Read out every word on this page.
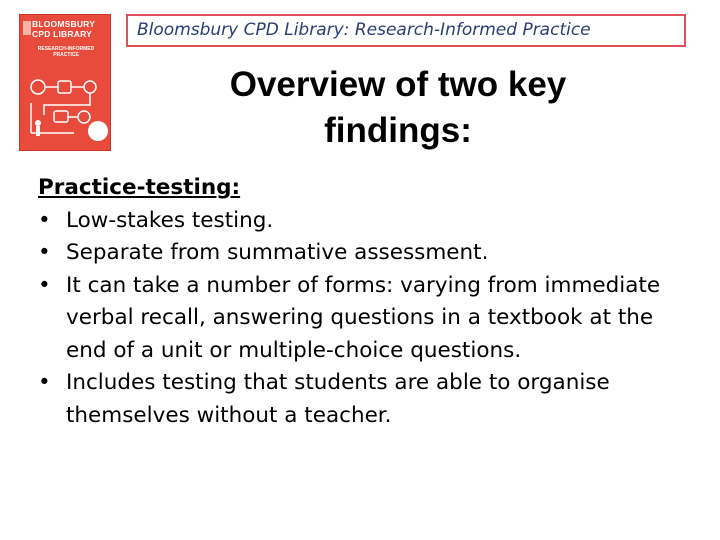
BLOOMSBURY
CPD LIBRARY
RESEARCH-INFORMED PRACTICE
Bloomsbury CPD Library: Research-Informed Practice
Overview of two key findings:
Practice-testing:
• Low-stakes testing.
• Separate from summative assessment.
• It can take a number of forms: varying from immediate verbal recall, answering questions in a textbook at the end of a unit or multiple-choice questions.
• Includes testing that students are able to organise themselves without a teacher.
